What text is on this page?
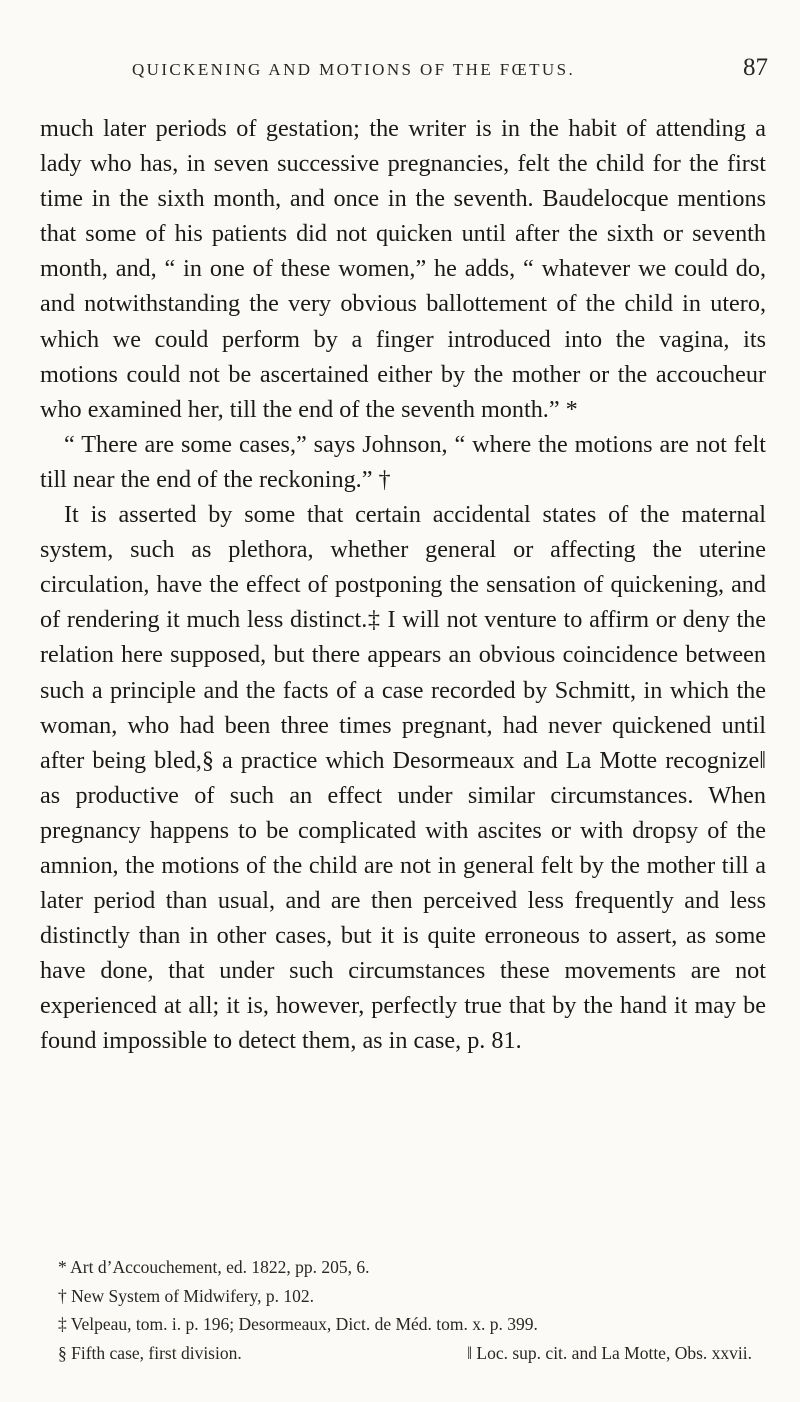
QUICKENING AND MOTIONS OF THE FŒTUS.	87

much later periods of gestation; the writer is in the habit of attending a lady who has, in seven successive pregnancies, felt the child for the first time in the sixth month, and once in the seventh. Baudelocque mentions that some of his patients did not quicken until after the sixth or seventh month, and, “ in one of these women,” he adds, “ whatever we could do, and notwithstanding the very obvious ballottement of the child in utero, which we could perform by a finger introduced into the vagina, its motions could not be ascertained either by the mother or the accoucheur who examined her, till the end of the seventh month.” *

“ There are some cases,” says Johnson, “ where the motions are not felt till near the end of the reckoning.” †

It is asserted by some that certain accidental states of the maternal system, such as plethora, whether general or affecting the uterine circulation, have the effect of postponing the sensation of quickening, and of rendering it much less distinct.‡ I will not venture to affirm or deny the relation here supposed, but there appears an obvious coincidence between such a principle and the facts of a case recorded by Schmitt, in which the woman, who had been three times pregnant, had never quickened until after being bled,§ a practice which Desormeaux and La Motte recognize‖ as productive of such an effect under similar circumstances. When pregnancy happens to be complicated with ascites or with dropsy of the amnion, the motions of the child are not in general felt by the mother till a later period than usual, and are then perceived less frequently and less distinctly than in other cases, but it is quite erroneous to assert, as some have done, that under such circumstances these movements are not experienced at all; it is, however, perfectly true that by the hand it may be found impossible to detect them, as in case, p. 81.

* Art d’Accouchement, ed. 1822, pp. 205, 6.

† New System of Midwifery, p. 102.

‡ Velpeau, tom. i. p. 196; Desormeaux, Dict. de Méd. tom. x. p. 399.

§ Fifth case, first division.	‖ Loc. sup. cit. and La Motte, Obs. xxvii.
